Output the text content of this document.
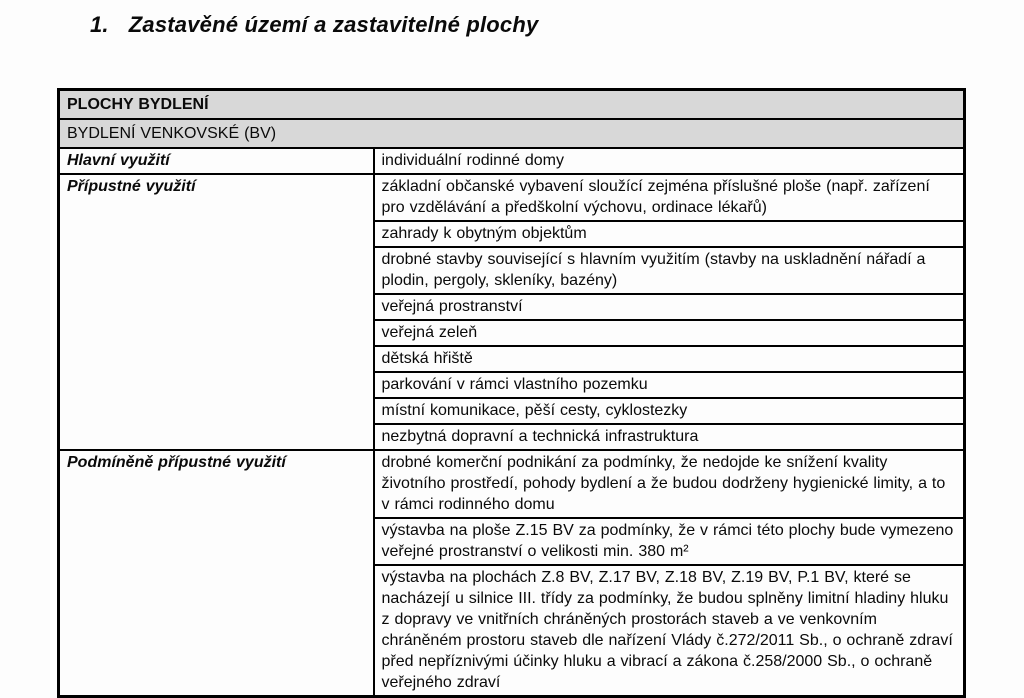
1. Zastavěné území a zastavitelné plochy
PLOCHY BYDLENÍ	
BYDLENÍ VENKOVSKÉ (BV)	
Hlavní využití	individuální rodinné domy
Přípustné využití	základní občanské vybavení sloužící zejména příslušné ploše (např. zařízení pro vzdělávání a předškolní výchovu, ordinace lékařů)
	zahrady k obytným objektům
	drobné stavby související s hlavním využitím (stavby na uskladnění nářadí a plodin, pergoly, skleníky, bazény)
	veřejná prostranství
	veřejná zeleň
	dětská hřiště
	parkování v rámci vlastního pozemku
	místní komunikace, pěší cesty, cyklostezky
	nezbytná dopravní a technická infrastruktura
Podmíněně přípustné využití	drobné komerční podnikání za podmínky, že nedojde ke snížení kvality životního prostředí, pohody bydlení a že budou dodrženy hygienické limity, a to v rámci rodinného domu
	výstavba na ploše Z.15 BV za podmínky, že v rámci této plochy bude vymezeno veřejné prostranství o velikosti min. 380 m²
	výstavba na plochách Z.8 BV, Z.17 BV, Z.18 BV, Z.19 BV, P.1 BV, které se nacházejí u silnice III. třídy za podmínky, že budou splněny limitní hladiny hluku z dopravy ve vnitřních chráněných prostorách staveb a ve venkovním chráněném prostoru staveb dle nařízení Vlády č.272/2011 Sb., o ochraně zdraví před nepříznivými účinky hluku a vibrací a zákona č.258/2000 Sb., o ochraně veřejného zdraví
